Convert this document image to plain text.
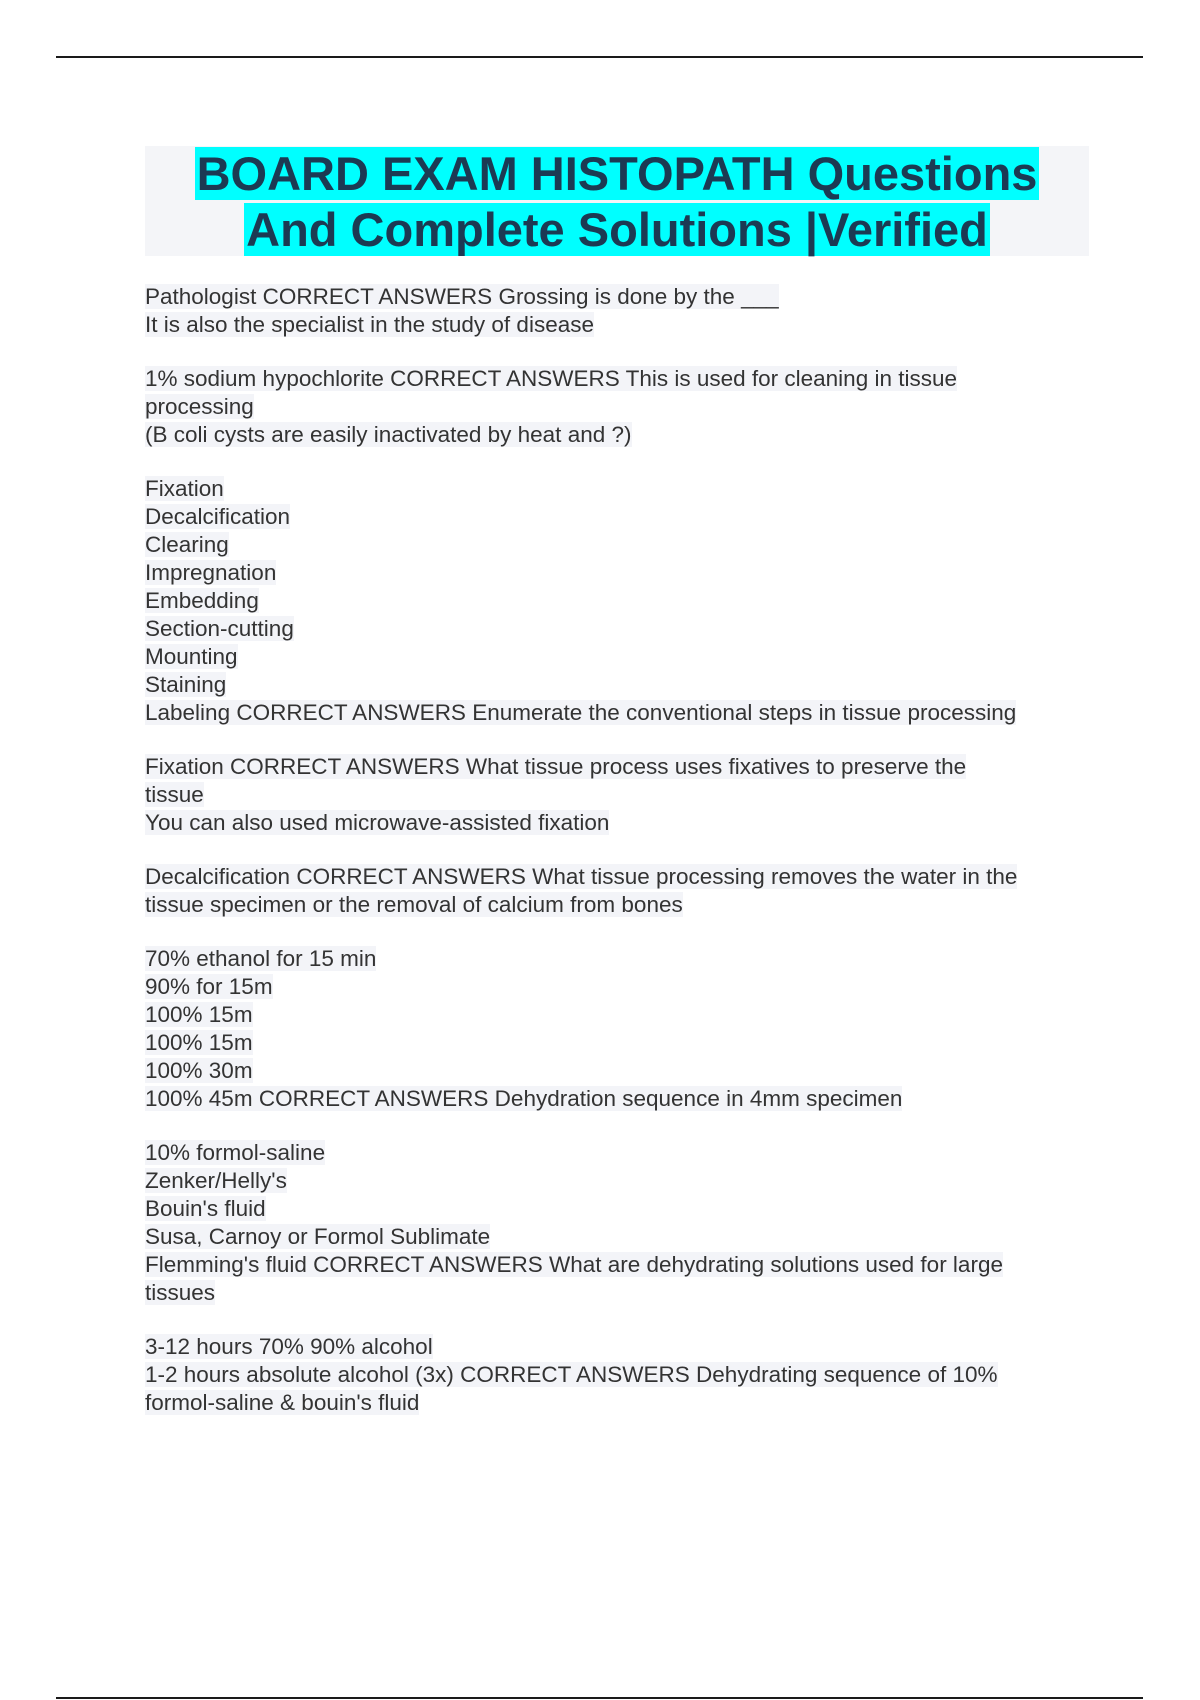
BOARD EXAM HISTOPATH Questions
And Complete Solutions |Verified
Pathologist CORRECT ANSWERS Grossing is done by the ___
It is also the specialist in the study of disease
1% sodium hypochlorite CORRECT ANSWERS This is used for cleaning in tissue
processing
(B coli cysts are easily inactivated by heat and ?)
Fixation
Decalcification
Clearing
Impregnation
Embedding
Section-cutting
Mounting
Staining
Labeling CORRECT ANSWERS Enumerate the conventional steps in tissue processing
Fixation CORRECT ANSWERS What tissue process uses fixatives to preserve the
tissue
You can also used microwave-assisted fixation
Decalcification CORRECT ANSWERS What tissue processing removes the water in the
tissue specimen or the removal of calcium from bones
70% ethanol for 15 min
90% for 15m
100% 15m
100% 15m
100% 30m
100% 45m CORRECT ANSWERS Dehydration sequence in 4mm specimen
10% formol-saline
Zenker/Helly's
Bouin's fluid
Susa, Carnoy or Formol Sublimate
Flemming's fluid CORRECT ANSWERS What are dehydrating solutions used for large
tissues
3-12 hours 70% 90% alcohol
1-2 hours absolute alcohol (3x) CORRECT ANSWERS Dehydrating sequence of 10%
formol-saline & bouin's fluid
